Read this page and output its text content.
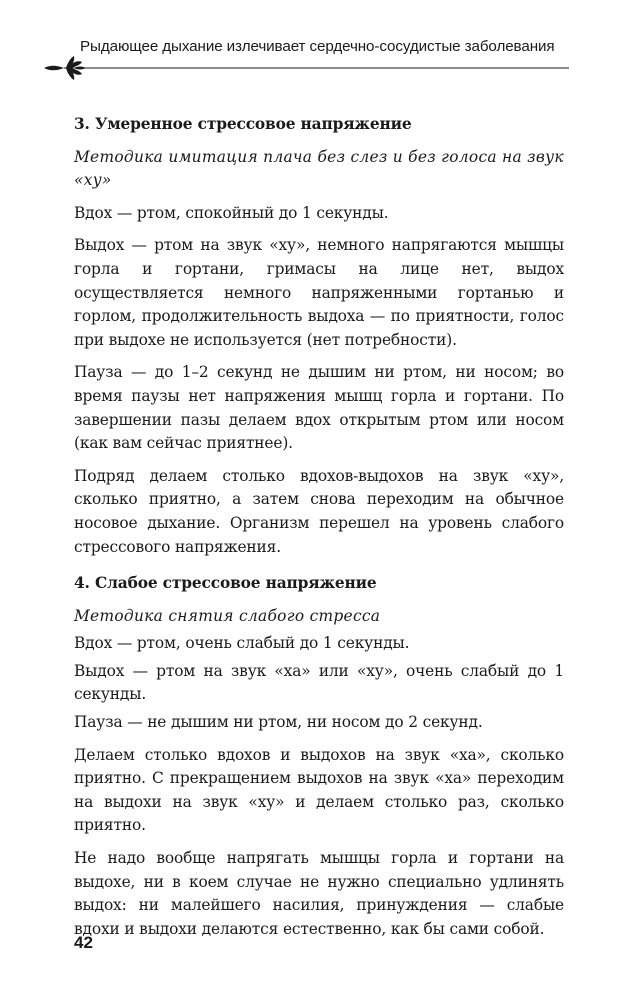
Рыдающее дыхание излечивает сердечно-сосудистые заболевания

3. Умеренное стрессовое напряжение

Методика имитация плача без слез и без голоса на звук «ху»

Вдох — ртом, спокойный до 1 секунды.

Выдох — ртом на звук «ху», немного напрягаются мышцы горла и гортани, гримасы на лице нет, выдох осуществляется немного напряженными гортанью и горлом, продолжительность выдоха — по приятности, голос при выдохе не используется (нет потребности).

Пауза — до 1–2 секунд не дышим ни ртом, ни носом; во время паузы нет напряжения мышц горла и гортани. По завершении пазы делаем вдох открытым ртом или носом (как вам сейчас приятнее).

Подряд делаем столько вдохов-выдохов на звук «ху», сколько приятно, а затем снова переходим на обычное носовое дыхание. Организм перешел на уровень слабого стрессового напряжения.

4. Слабое стрессовое напряжение

Методика снятия слабого стресса

Вдох — ртом, очень слабый до 1 секунды.

Выдох — ртом на звук «ха» или «ху», очень слабый до 1 секунды.

Пауза — не дышим ни ртом, ни носом до 2 секунд.

Делаем столько вдохов и выдохов на звук «ха», сколько приятно. С прекращением выдохов на звук «ха» переходим на выдохи на звук «ху» и делаем столько раз, сколько приятно.

Не надо вообще напрягать мышцы горла и гортани на выдохе, ни в коем случае не нужно специально удлинять выдох: ни малейшего насилия, принуждения — слабые вдохи и выдохи делаются естественно, как бы сами собой.

42
